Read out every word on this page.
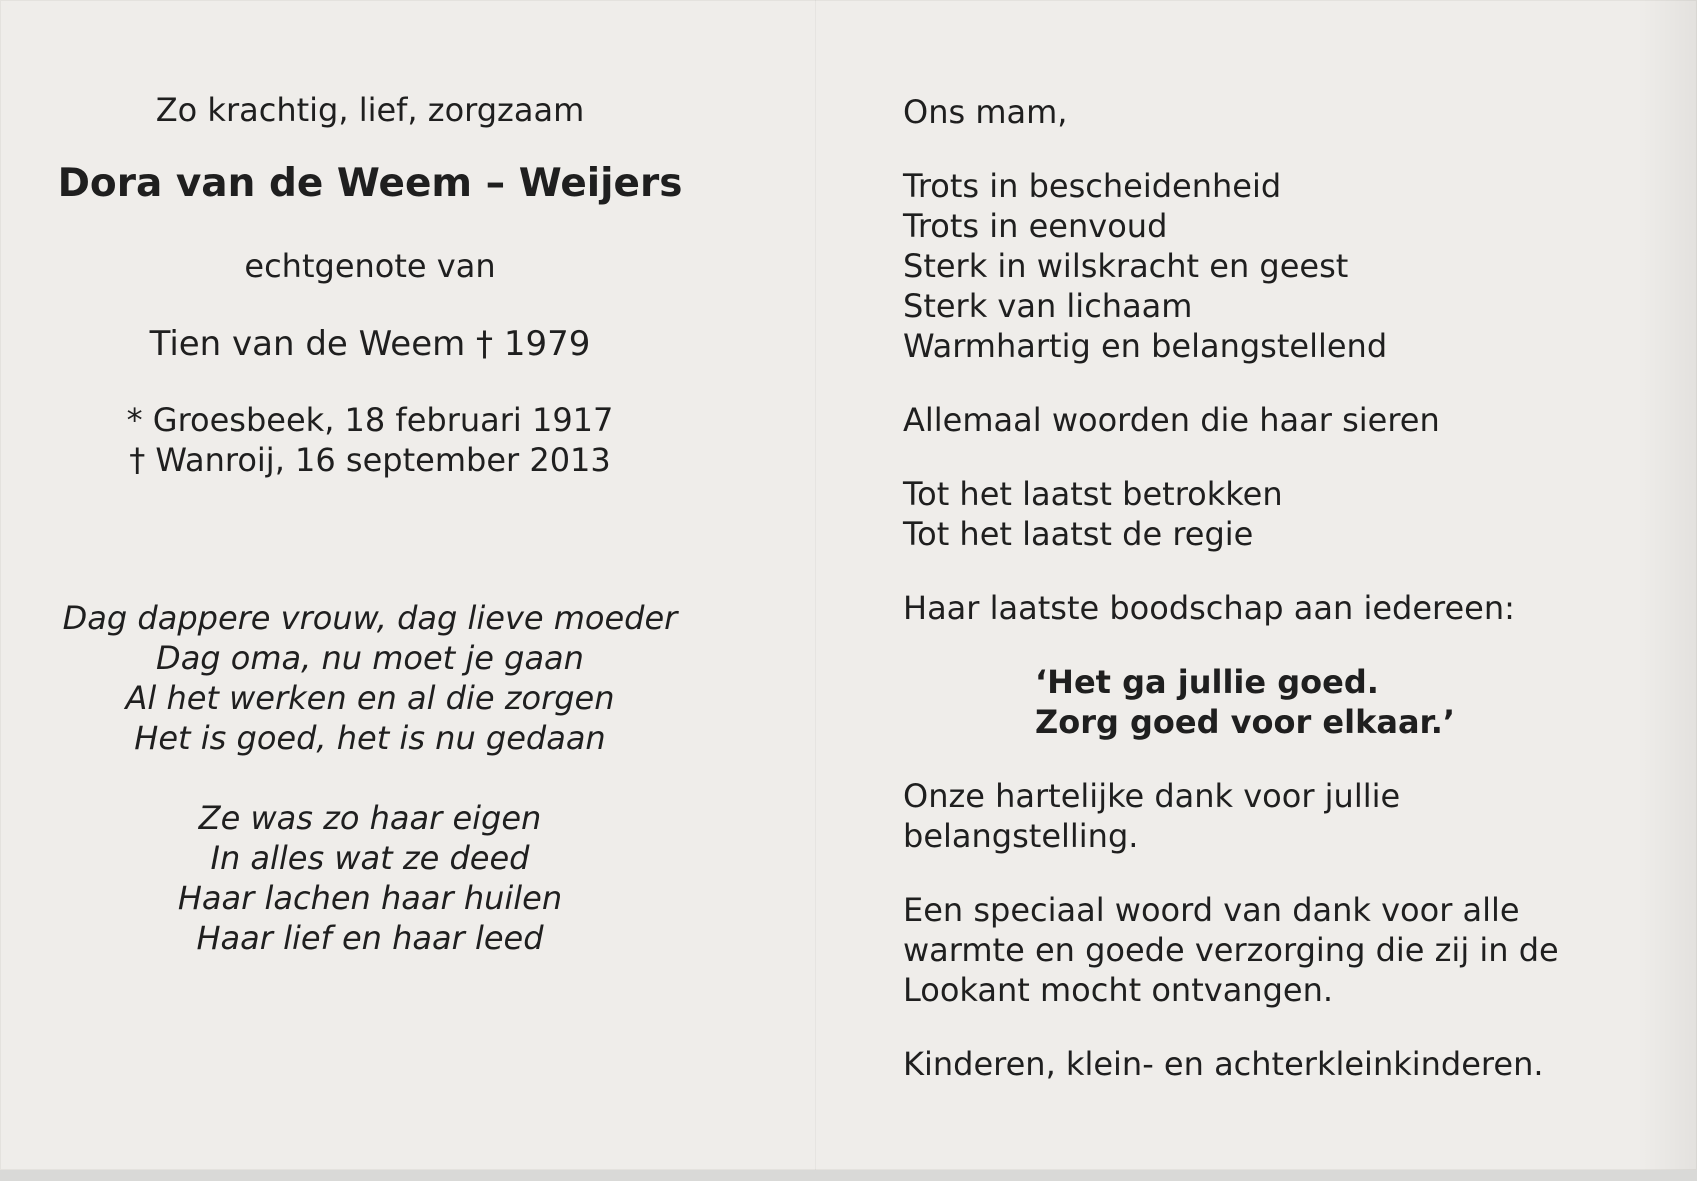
Zo krachtig, lief, zorgzaam

Dora van de Weem – Weijers

echtgenote van

Tien van de Weem † 1979

* Groesbeek, 18 februari 1917

† Wanroij, 16 september 2013

Dag dappere vrouw, dag lieve moeder

Dag oma, nu moet je gaan

Al het werken en al die zorgen

Het is goed, het is nu gedaan

Ze was zo haar eigen

In alles wat ze deed

Haar lachen haar huilen

Haar lief en haar leed

Ons mam,

Trots in bescheidenheid

Trots in eenvoud

Sterk in wilskracht en geest

Sterk van lichaam

Warmhartig en belangstellend

Allemaal woorden die haar sieren

Tot het laatst betrokken

Tot het laatst de regie

Haar laatste boodschap aan iedereen:

‘Het ga jullie goed.

Zorg goed voor elkaar.’

Onze hartelijke dank voor jullie

belangstelling.

Een speciaal woord van dank voor alle

warmte en goede verzorging die zij in de

Lookant mocht ontvangen.

Kinderen, klein- en achterkleinkinderen.
